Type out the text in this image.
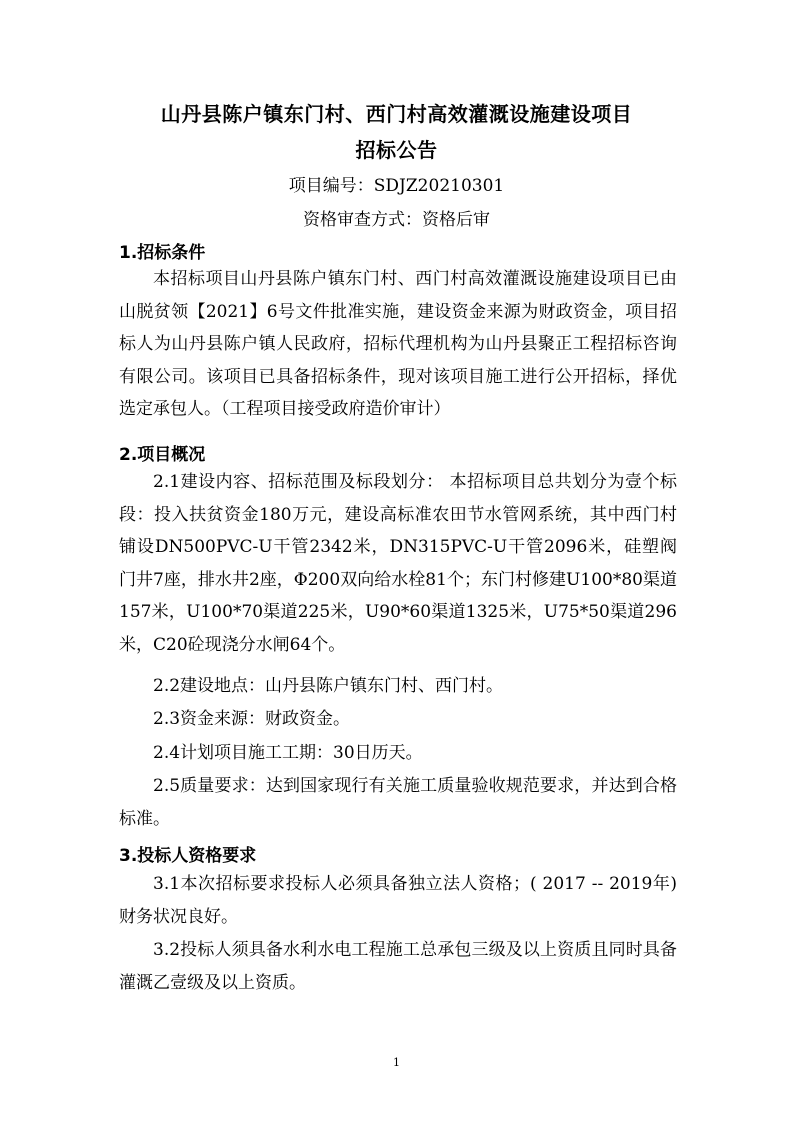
山丹县陈户镇东门村、西门村高效灌溉设施建设项目
招标公告
项目编号：SDJZ20210301
资格审查方式：资格后审
1.招标条件

本招标项目山丹县陈户镇东门村、西门村高效灌溉设施建设项目已由山脱贫领【2021】6号文件批准实施，建设资金来源为财政资金，项目招标人为山丹县陈户镇人民政府，招标代理机构为山丹县聚正工程招标咨询有限公司。该项目已具备招标条件，现对该项目施工进行公开招标，择优选定承包人。（工程项目接受政府造价审计）

2.项目概况

2.1建设内容、招标范围及标段划分： 本招标项目总共划分为壹个标段：投入扶贫资金180万元，建设高标准农田节水管网系统，其中西门村铺设DN500PVC-U干管2342米，DN315PVC-U干管2096米，硅塑阀门井7座，排水井2座，Φ200双向给水栓81个；东门村修建U100*80渠道157米，U100*70渠道225米，U90*60渠道1325米，U75*50渠道296米，C20砼现浇分水闸64个。

2.2建设地点：山丹县陈户镇东门村、西门村。

2.3资金来源：财政资金。

2.4计划项目施工工期：30日历天。

2.5质量要求：达到国家现行有关施工质量验收规范要求，并达到合格标准。

3.投标人资格要求

3.1本次招标要求投标人必须具备独立法人资格；( 2017 -- 2019年)财务状况良好。

3.2投标人须具备水利水电工程施工总承包三级及以上资质且同时具备灌溉乙壹级及以上资质。

1
